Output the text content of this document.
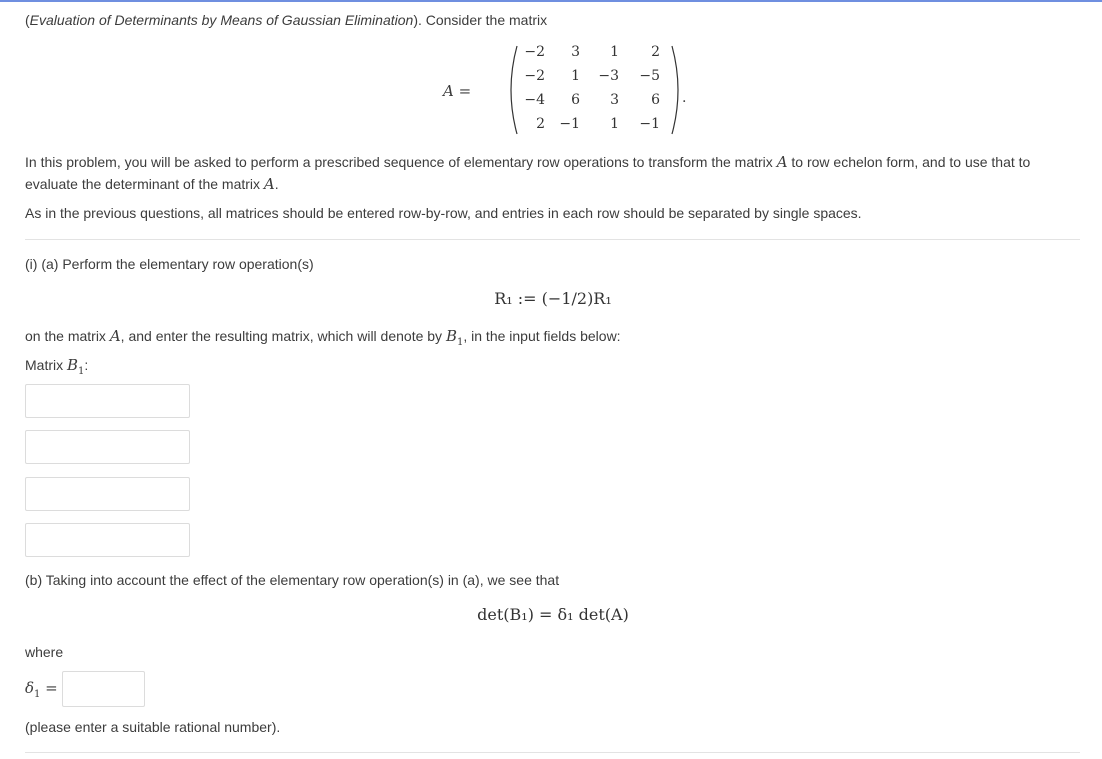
(Evaluation of Determinants by Means of Gaussian Elimination). Consider the matrix
A =
−2	3	1	2
−2	1	−3	−5
−4	6	3	6
2	−1	1	−1
.
In this problem, you will be asked to perform a prescribed sequence of elementary row operations to transform the matrix A to row echelon form, and to use that to evaluate the determinant of the matrix A.
As in the previous questions, all matrices should be entered row-by-row, and entries in each row should be separated by single spaces.
(i) (a) Perform the elementary row operation(s)
R₁ := (−1/2)R₁
on the matrix A, and enter the resulting matrix, which will denote by $B_1$, in the input fields below:
Matrix $B_1$:
(b) Taking into account the effect of the elementary row operation(s) in (a), we see that
det(B₁) = δ₁ det(A)
where
$\delta_1$ =
(please enter a suitable rational number).
